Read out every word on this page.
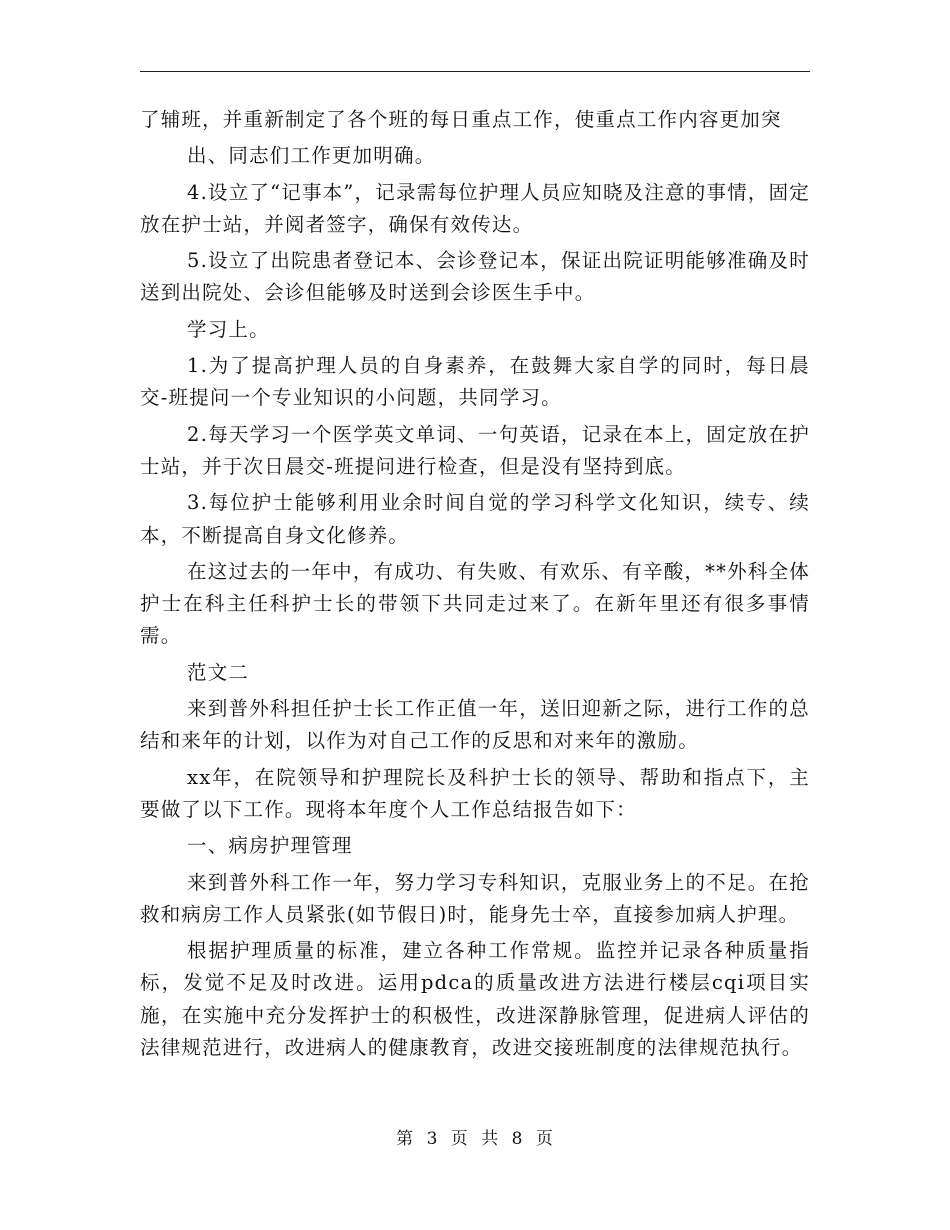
了辅班，并重新制定了各个班的每日重点工作，使重点工作内容更加突

出、同志们工作更加明确。

4.设立了“记事本”，记录需每位护理人员应知晓及注意的事情，固定放在护士站，并阅者签字，确保有效传达。

5.设立了出院患者登记本、会诊登记本，保证出院证明能够准确及时送到出院处、会诊但能够及时送到会诊医生手中。

学习上。

1.为了提高护理人员的自身素养，在鼓舞大家自学的同时，每日晨交-班提问一个专业知识的小问题，共同学习。

2.每天学习一个医学英文单词、一句英语，记录在本上，固定放在护士站，并于次日晨交-班提问进行检查，但是没有坚持到底。

3.每位护士能够利用业余时间自觉的学习科学文化知识，续专、续本，不断提高自身文化修养。

在这过去的一年中，有成功、有失败、有欢乐、有辛酸，**外科全体护士在科主任科护士长的带领下共同走过来了。在新年里还有很多事情需。

范文二

来到普外科担任护士长工作正值一年，送旧迎新之际，进行工作的总结和来年的计划，以作为对自己工作的反思和对来年的激励。

xx年，在院领导和护理院长及科护士长的领导、帮助和指点下，主要做了以下工作。现将本年度个人工作总结报告如下：

一、病房护理管理

来到普外科工作一年，努力学习专科知识，克服业务上的不足。在抢救和病房工作人员紧张(如节假日)时，能身先士卒，直接参加病人护理。

根据护理质量的标准，建立各种工作常规。监控并记录各种质量指标，发觉不足及时改进。运用pdca的质量改进方法进行楼层cqi项目实施，在实施中充分发挥护士的积极性，改进深静脉管理，促进病人评估的法律规范进行，改进病人的健康教育，改进交接班制度的法律规范执行。

第 3 页 共 8 页
